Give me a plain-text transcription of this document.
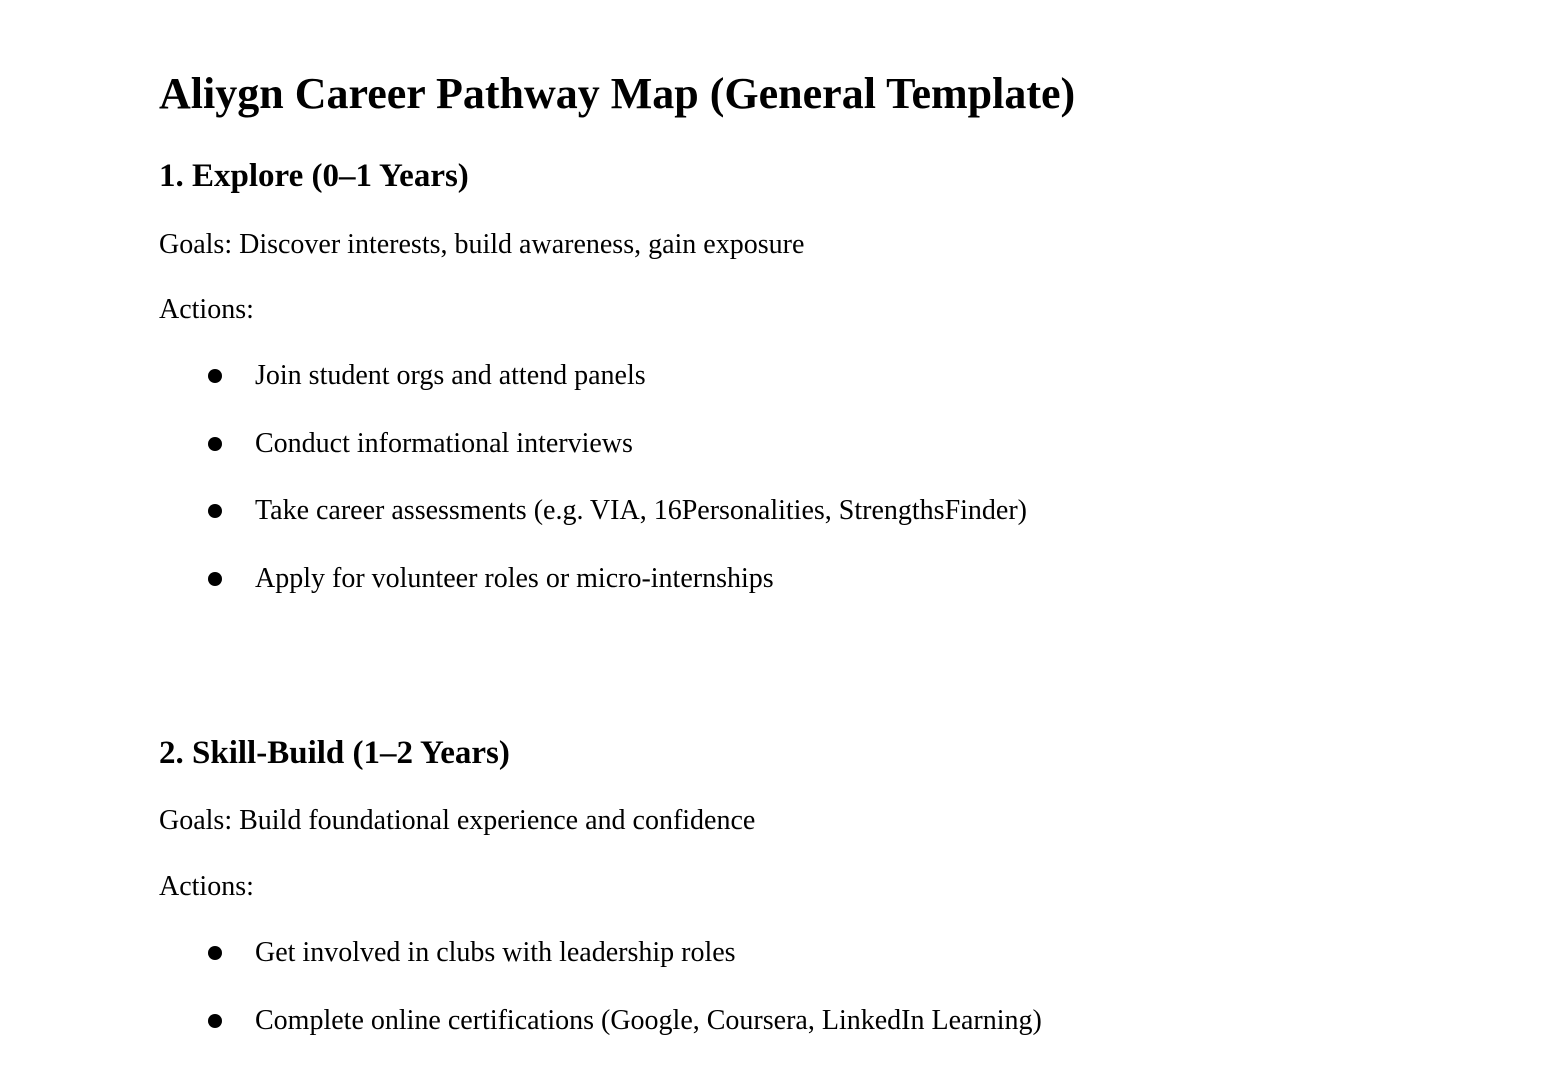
Aliygn Career Pathway Map (General Template)
1. Explore (0–1 Years)

Goals: Discover interests, build awareness, gain exposure

Actions:

Join student orgs and attend panels
Conduct informational interviews
Take career assessments (e.g. VIA, 16Personalities, StrengthsFinder)
Apply for volunteer roles or micro-internships
2. Skill-Build (1–2 Years)

Goals: Build foundational experience and confidence

Actions:

Get involved in clubs with leadership roles
Complete online certifications (Google, Coursera, LinkedIn Learning)
